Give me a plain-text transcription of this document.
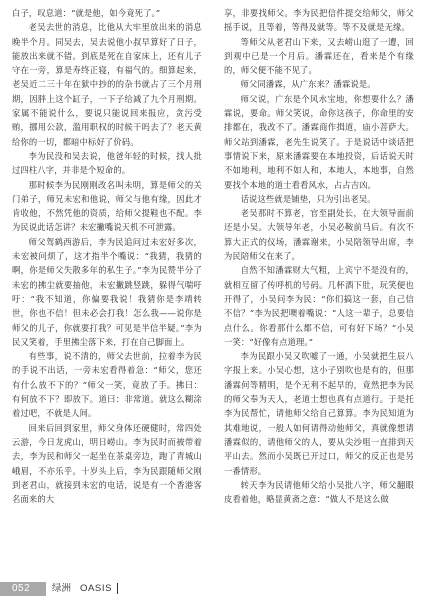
白子，叹息道：“就是他，如今竟死了。”

老吴去世的消息，比他从大牢里放出来的消息晚半个月。同吴去，吴去说他小叔早算好了日子，能放出来就不错。到底是死在自家床上，还有儿子守在一旁，算是寿终正寝，有福气的。细算起来，老吴近二三十年在狱中抄的的杂书就占了三个月刑期，因胖上这个缸子，一下子给减了九个月刑期。家属不能说什么，要说只能说回来报应，贪污受贿，挪用公款，滥用职权的时候干吗去了？老天黄给你的一切，都暗中标好了价码。

李为民没和吴去说，他爸年轻的时候，找人批过四柱八字，并非是个短命的。

那时候李为民刚刚改名叫未明，算是师父的关门弟子，师兄未宏和他说，师父与他有缘，因此才肯收他，不然凭他的资质，给师父提鞋也不配。李为民说此话怎讲？未宏撇嘴说天机不可泄露。

师父驾鹤西游后，李为民追问过未宏好多次，未宏被问烦了，这才指半个嘴说：“我猜，我猜的啊，你是师父失散多年的私生子。”李为民赞半分了未宏的拂尘就要抽他，未宏撇跳竖跳，躲得气喘吁吁：“我不知道，你偏要我说！我猜你是李靖转世，你也不信！但未必会打我！怎么我——说你是师父的儿子，你就要打我？可见是半信半疑。”李为民又笑着，手里拂尘落下来，打在自己脚面上。

有些事，说不清的，师父去世前，拉着李为民的手说不出话，一旁未宏看得着急：“师父，您还有什么放不下的？”师父一笑，竟放了手。拂曰：有何放不下？即放下。道曰：非常道。就这么糊涂着过吧，不就是人间。

回来后回到家里，师父身体还硬健时，常四处云游，今日龙虎山，明日崂山。李为民时而被带着去，李为民和师父一起坐在茶桌旁边，跑了青城山峨眉，不亦乐乎。十岁头上后，李为民跟随师父刚到老君山，就接到未宏的电话，说是有一个香港客名面来的大

享，非要找师父。李为民把信件提交给师父，师父摇手说，且等着，等得及就等。等不及就是无缘。

等师父从老君山下来，又去崂山逛了一遭，回到观中已是一个月后。潘霖还在，看来是个有缘的，师父便不能不见了。

师父同潘霖，从广东来？潘霖说是。

师父说，广东是个风水宝地，你想要什么？潘霖说，要命。师父笑说，命你这孩子，你命里的安排都在，我改不了。潘霖商作揖道，庙小菩萨大。师父站到潘霖，老先生说笑了。于是说话中谈话把事情说下来，原来潘霖要在本地投资，后话说天时不如地利，地利不如人和，本地人，本地事，自然要找个本地的道士看看风水，占占吉凶。

话说这些就是铺垫，只为引出老吴。

老吴那时不算老，官至副处长，在大领导面前还是小吴。大领导年老，小吴必鞍前马后。有次不算大正式的仪场，潘霖谢来，小吴陪领导出席，李为民陪师父在来了。

自然不知潘霖财大气粗，上宾宁不是没有的，就相互留了传呼机的号码。几杯酒下肚，玩笑便也开得了，小吴问李为民：“你们搞这一套，自己信不信？”李为民把噢着嘴说：“人这一辈子，总要信点什么。你看那什么都不信，可有好下场？”小吴一笑：“好像有点道理。”

李为民跟小吴又吹嘘了一通，小吴就把生辰八字报上来。小吴心想，这小子别吹也是有的，但那潘霖何等精明，是个无利不起早的，竟然把李为民的师父奉为天人，老道士想也真有点道行。于是托李为民帮忙，请他师父给自己算算。李为民知道为其难地说，一般人如何请得动他师父，真就像想请潘霖似的，请他师父的人，要从尖沙咀一直排到天平山去。然而小吴既已开过口，师父的反正也是另一番情形。

转天李为民请他师父给小吴批八字，师父翻眼皮看着他，略显黄斋之意：“做人不是这么做

052 绿洲 OASIS
